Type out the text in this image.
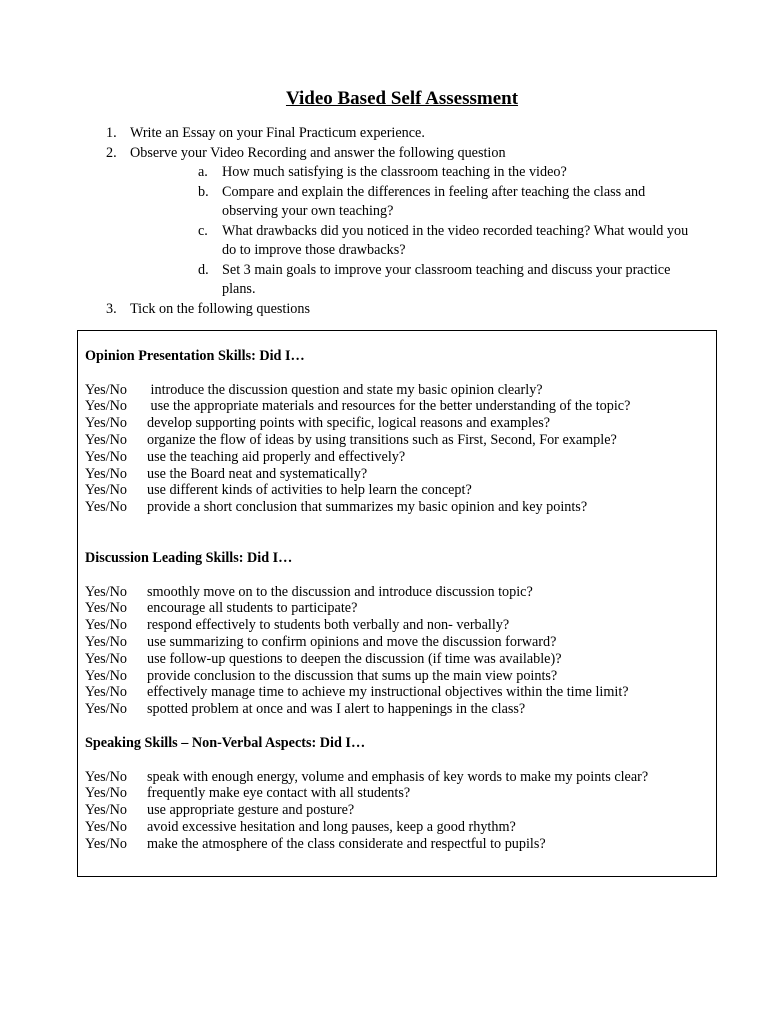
Video Based Self Assessment
1. Write an Essay on your Final Practicum experience.
2. Observe your Video Recording and answer the following question
a. How much satisfying is the classroom teaching in the video?
b. Compare and explain the differences in feeling after teaching the class and observing your own teaching?
c. What drawbacks did you noticed in the video recorded teaching? What would you do to improve those drawbacks?
d. Set 3 main goals to improve your classroom teaching and discuss your practice plans.
3. Tick on the following questions
Opinion Presentation Skills: Did I…
Yes/No introduce the discussion question and state my basic opinion clearly?
Yes/No use the appropriate materials and resources for the better understanding of the topic?
Yes/No develop supporting points with specific, logical reasons and examples?
Yes/No organize the flow of ideas by using transitions such as First, Second, For example?
Yes/No use the teaching aid properly and effectively?
Yes/No use the Board neat and systematically?
Yes/No use different kinds of activities to help learn the concept?
Yes/No provide a short conclusion that summarizes my basic opinion and key points?
Discussion Leading Skills: Did I…
Yes/No smoothly move on to the discussion and introduce discussion topic?
Yes/No encourage all students to participate?
Yes/No respond effectively to students both verbally and non- verbally?
Yes/No use summarizing to confirm opinions and move the discussion forward?
Yes/No use follow-up questions to deepen the discussion (if time was available)?
Yes/No provide conclusion to the discussion that sums up the main view points?
Yes/No effectively manage time to achieve my instructional objectives within the time limit?
Yes/No spotted problem at once and was I alert to happenings in the class?
Speaking Skills – Non-Verbal Aspects: Did I…
Yes/No speak with enough energy, volume and emphasis of key words to make my points clear?
Yes/No frequently make eye contact with all students?
Yes/No use appropriate gesture and posture?
Yes/No avoid excessive hesitation and long pauses, keep a good rhythm?
Yes/No make the atmosphere of the class considerate and respectful to pupils?
